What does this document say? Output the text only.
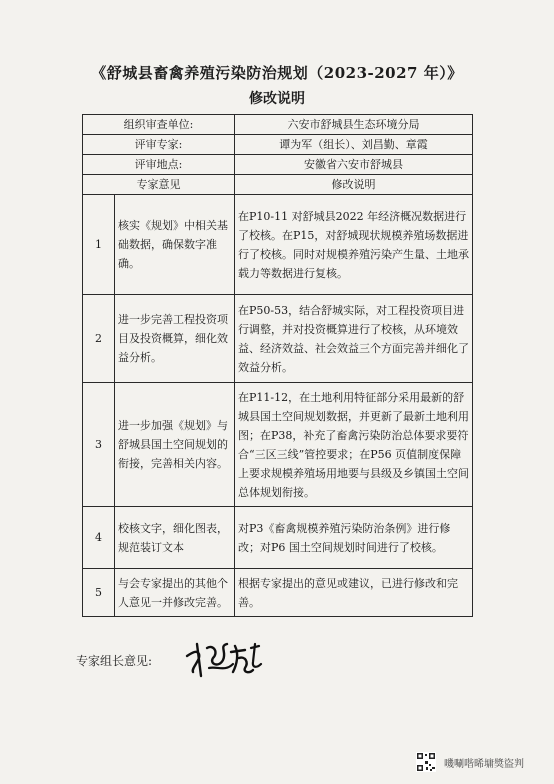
《舒城县畜禽养殖污染防治规划（2023-2027 年）》
修改说明
组织审查单位:		六安市舒城县生态环境分局
评审专家:		谭为军（组长）、刘昌勤、章霞
评审地点:		安徽省六安市舒城县
专家意见		修改说明
1	核实《规划》中相关基础数据，确保数字准确。	在P10-11 对舒城县2022 年经济概况数据进行了校核。在P15，对舒城现状规模养殖场数据进行了校核。同时对规模养殖污染产生量、土地承载力等数据进行复核。
2	进一步完善工程投资项目及投资概算，细化效益分析。	在P50-53，结合舒城实际，对工程投资项目进行调整，并对投资概算进行了校核，从环境效益、经济效益、社会效益三个方面完善并细化了效益分析。
3	进一步加强《规划》与舒城县国土空间规划的衔接，完善相关内容。	在P11-12，在土地利用特征部分采用最新的舒城县国土空间规划数据，并更新了最新土地利用图；在P38，补充了畜禽污染防治总体要求要符合“三区三线”管控要求；在P56 页值制度保障上要求规模养殖场用地要与县级及乡镇国土空间总体规划衔接。
4	校核文字，细化图表，规范装订文本	对P3《畜禽规模养殖污染防治条例》进行修改；对P6 国土空间规划时间进行了校核。
5	与会专家提出的其他个人意见一并修改完善。	根据专家提出的意见或建议，已进行修改和完善。
专家组长意见:
嘰唰喈晞墉獎盜判
